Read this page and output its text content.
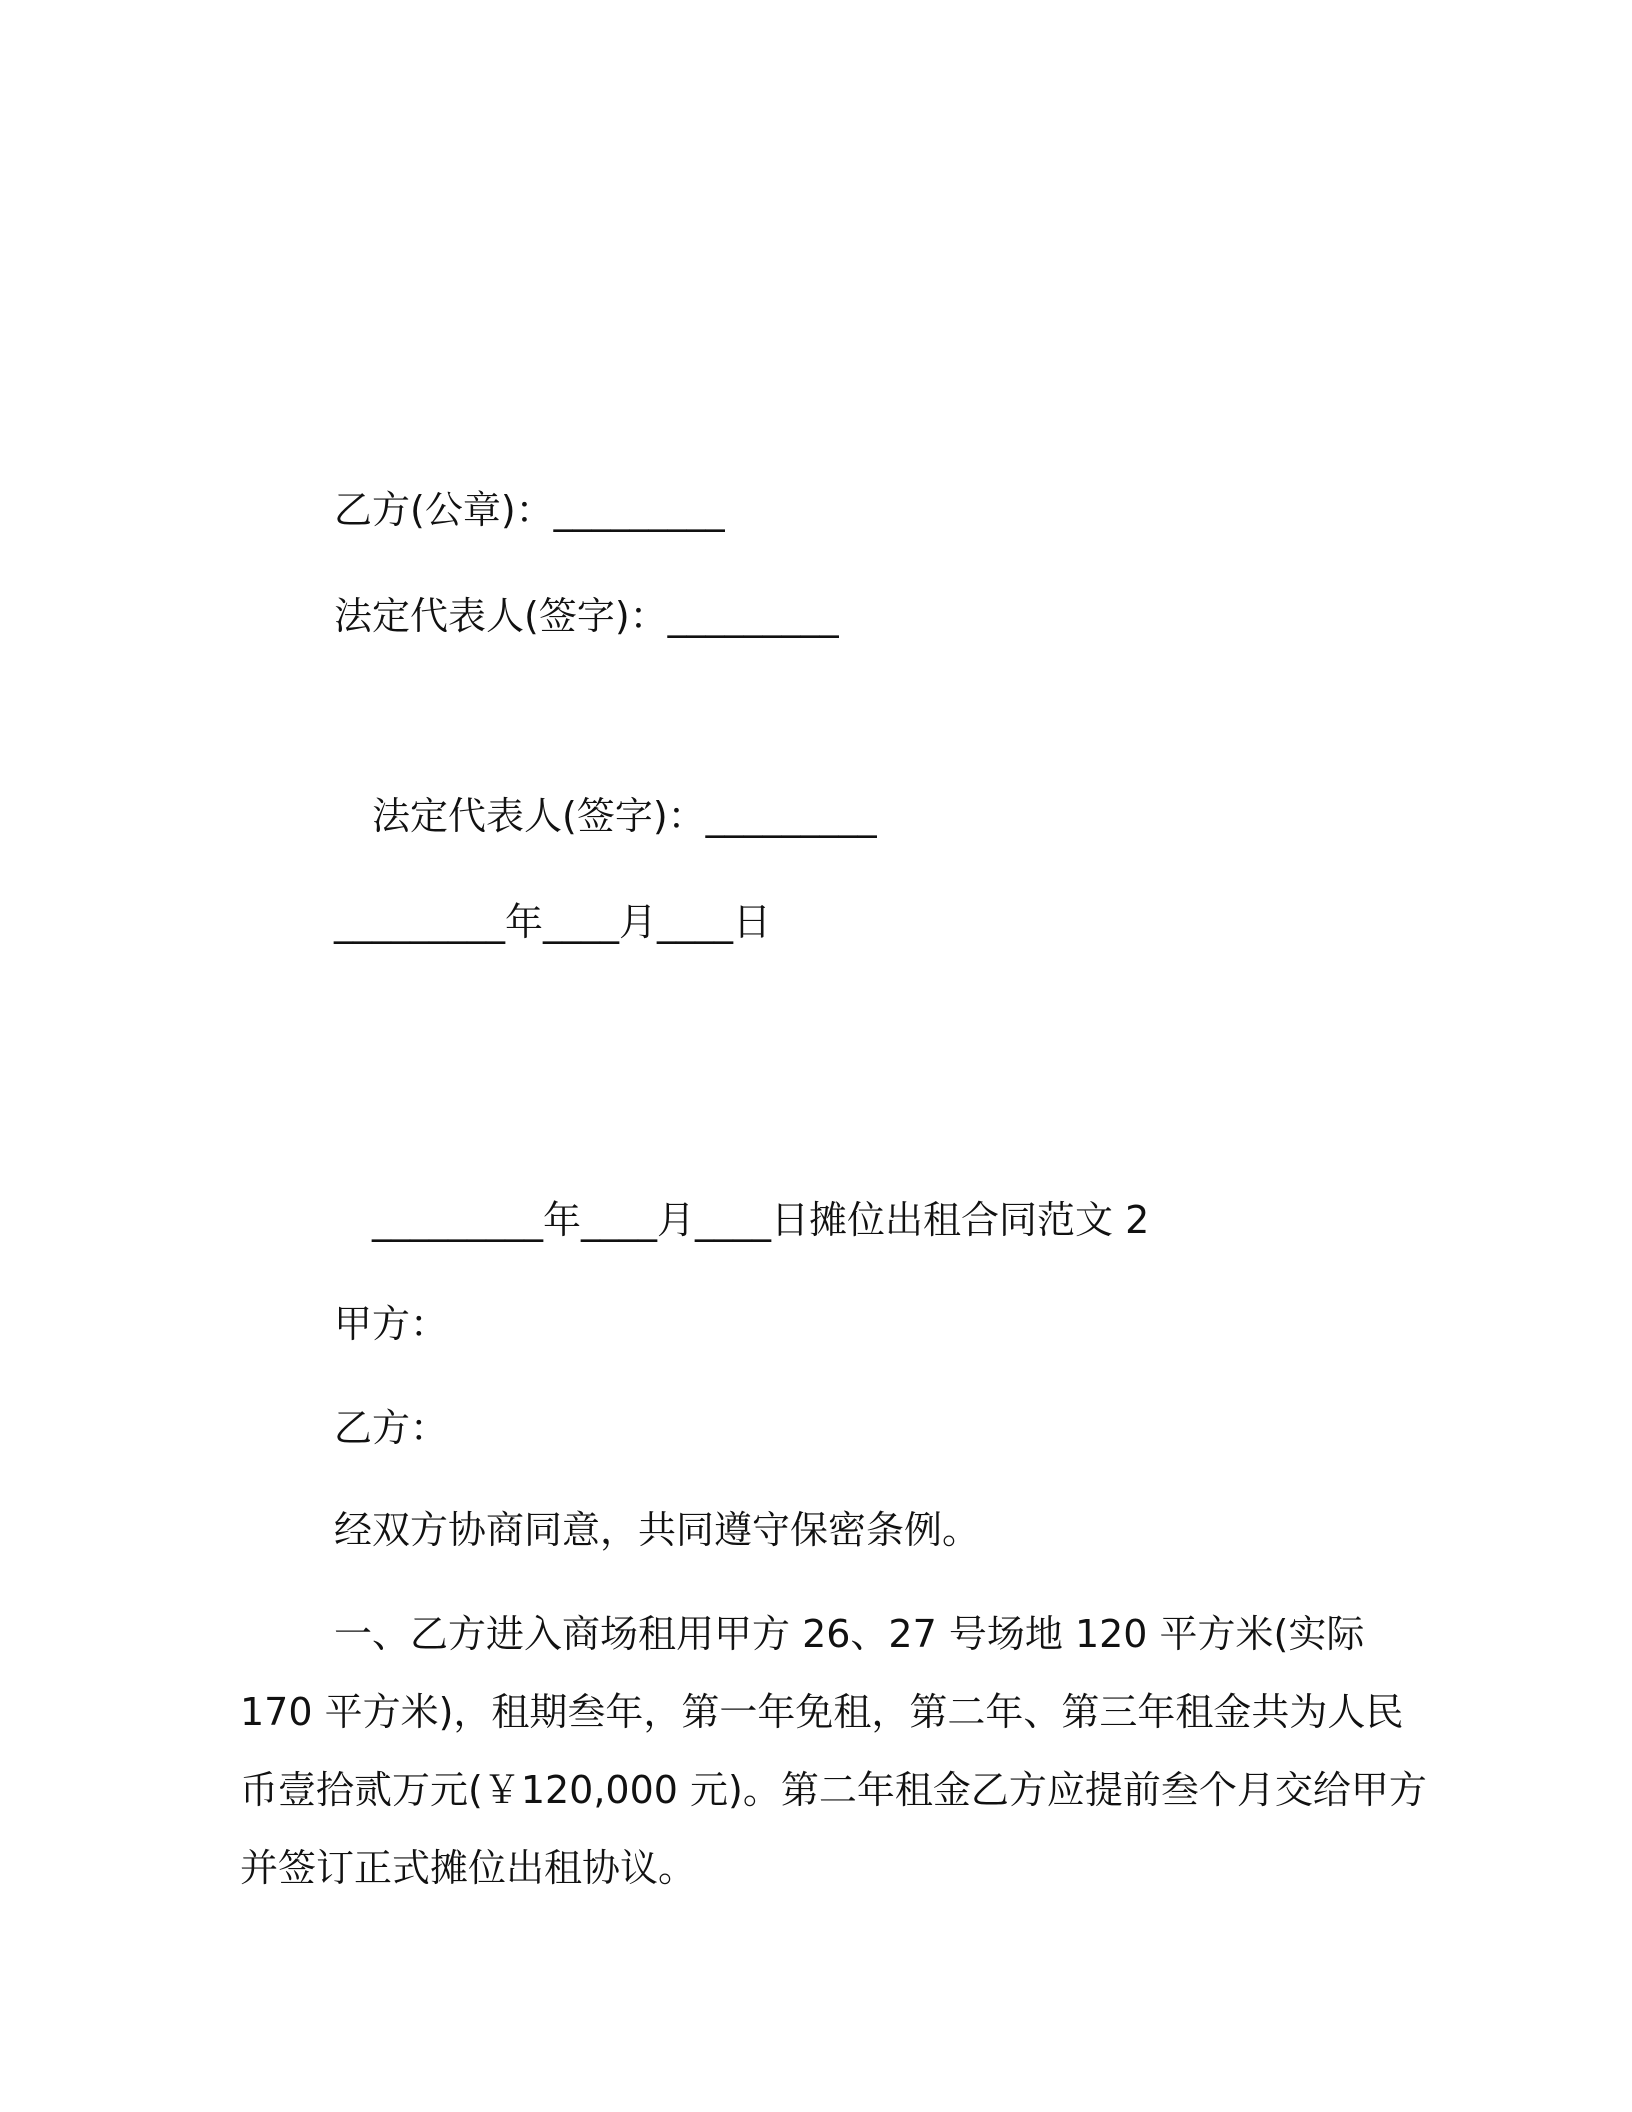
乙方(公章)：_________
法定代表人(签字)：_________
法定代表人(签字)：_________
_________年____月____日
_________年____月____日摊位出租合同范文 2
甲方：
乙方：
经双方协商同意，共同遵守保密条例。
一、乙方进入商场租用甲方 26、27 号场地 120 平方米(实际
170 平方米)，租期叁年，第一年免租，第二年、第三年租金共为人民
币壹拾贰万元(￥120,000 元)。第二年租金乙方应提前叁个月交给甲方
并签订正式摊位出租协议。
